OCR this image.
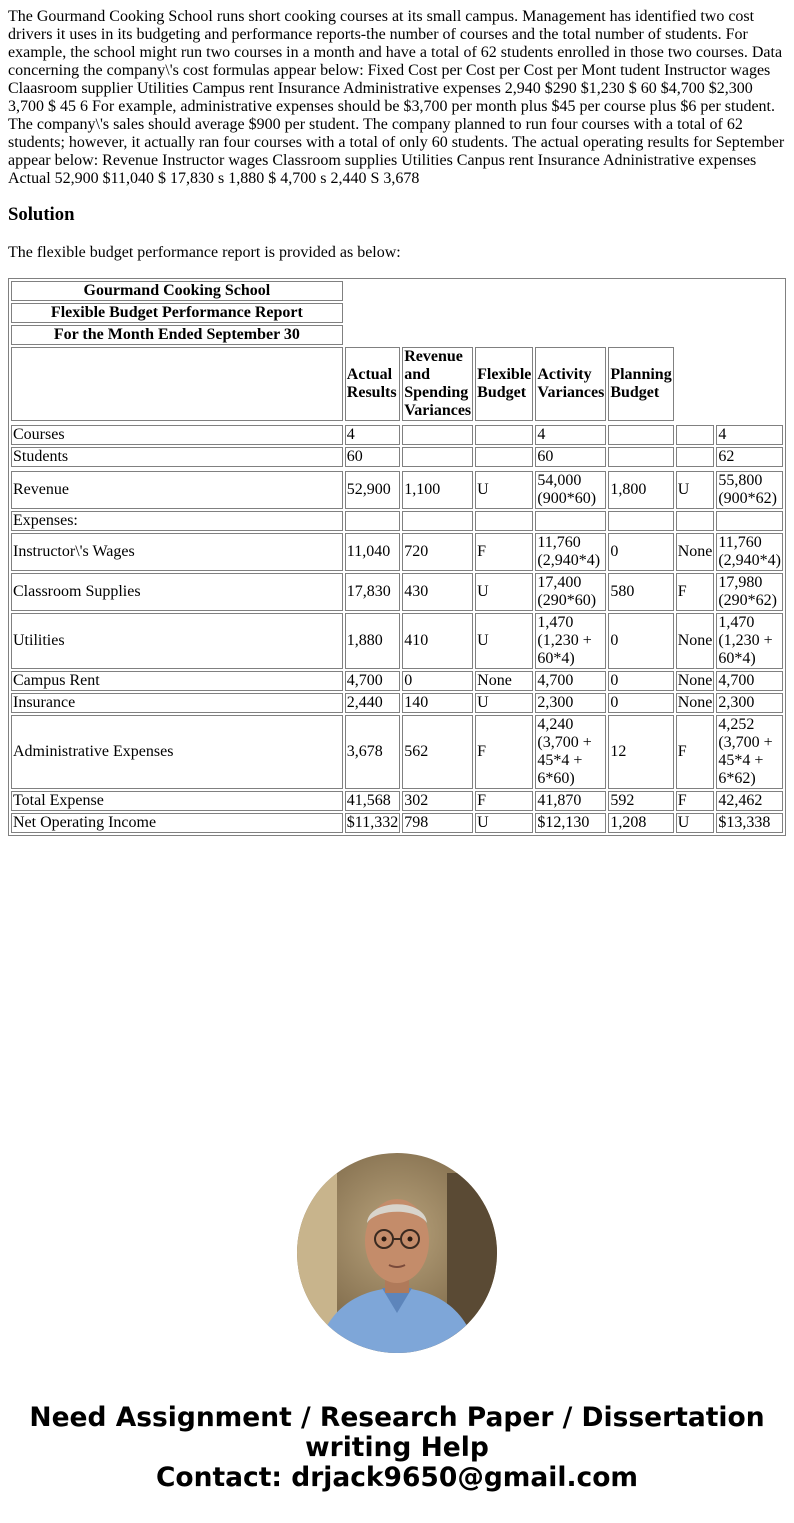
The Gourmand Cooking School runs short cooking courses at its small campus. Management has identified two cost drivers it uses in its budgeting and performance reports-the number of courses and the total number of students. For example, the school might run two courses in a month and have a total of 62 students enrolled in those two courses. Data concerning the company\'s cost formulas appear below: Fixed Cost per Cost per Cost per Mont tudent Instructor wages Claasroom supplier Utilities Campus rent Insurance Administrative expenses 2,940 $290 $1,230 $ 60 $4,700 $2,300 3,700 $ 45 6 For example, administrative expenses should be $3,700 per month plus $45 per course plus $6 per student. The company\'s sales should average $900 per student. The company planned to run four courses with a total of 62 students; however, it actually ran four courses with a total of only 60 students. The actual operating results for September appear below: Revenue Instructor wages Classroom supplies Utilities Canpus rent Insurance Adninistrative expenses Actual 52,900 $11,040 $ 17,830 s 1,880 $ 4,700 s 2,440 S 3,678

Solution

The flexible budget performance report is provided as below:

Gourmand Cooking School							
Flexible Budget Performance Report							
For the Month Ended September 30							
	Actual Results	Revenue and Spending Variances	Flexible Budget	Activity Variances	Planning Budget		

Courses	4			4			4
Students	60			60			62

Revenue	52,900	1,100	U	54,000 (900*60)	1,800	U	55,800 (900*62)
Expenses:							
Instructor\'s Wages	11,040	720	F	11,760 (2,940*4)	0	None	11,760 (2,940*4)
Classroom Supplies	17,830	430	U	17,400 (290*60)	580	F	17,980 (290*62)
Utilities	1,880	410	U	1,470 (1,230 + 60*4)	0	None	1,470 (1,230 + 60*4)
Campus Rent	4,700	0	None	4,700	0	None	4,700
Insurance	2,440	140	U	2,300	0	None	2,300
Administrative Expenses	3,678	562	F	4,240 (3,700 + 45*4 + 6*60)	12	F	4,252 (3,700 + 45*4 + 6*62)
Total Expense	41,568	302	F	41,870	592	F	42,462
Net Operating Income	$11,332	798	U	$12,130	1,208	U	$13,338
Need Assignment / Research Paper / Dissertation
writing Help
Contact: drjack9650@gmail.com
